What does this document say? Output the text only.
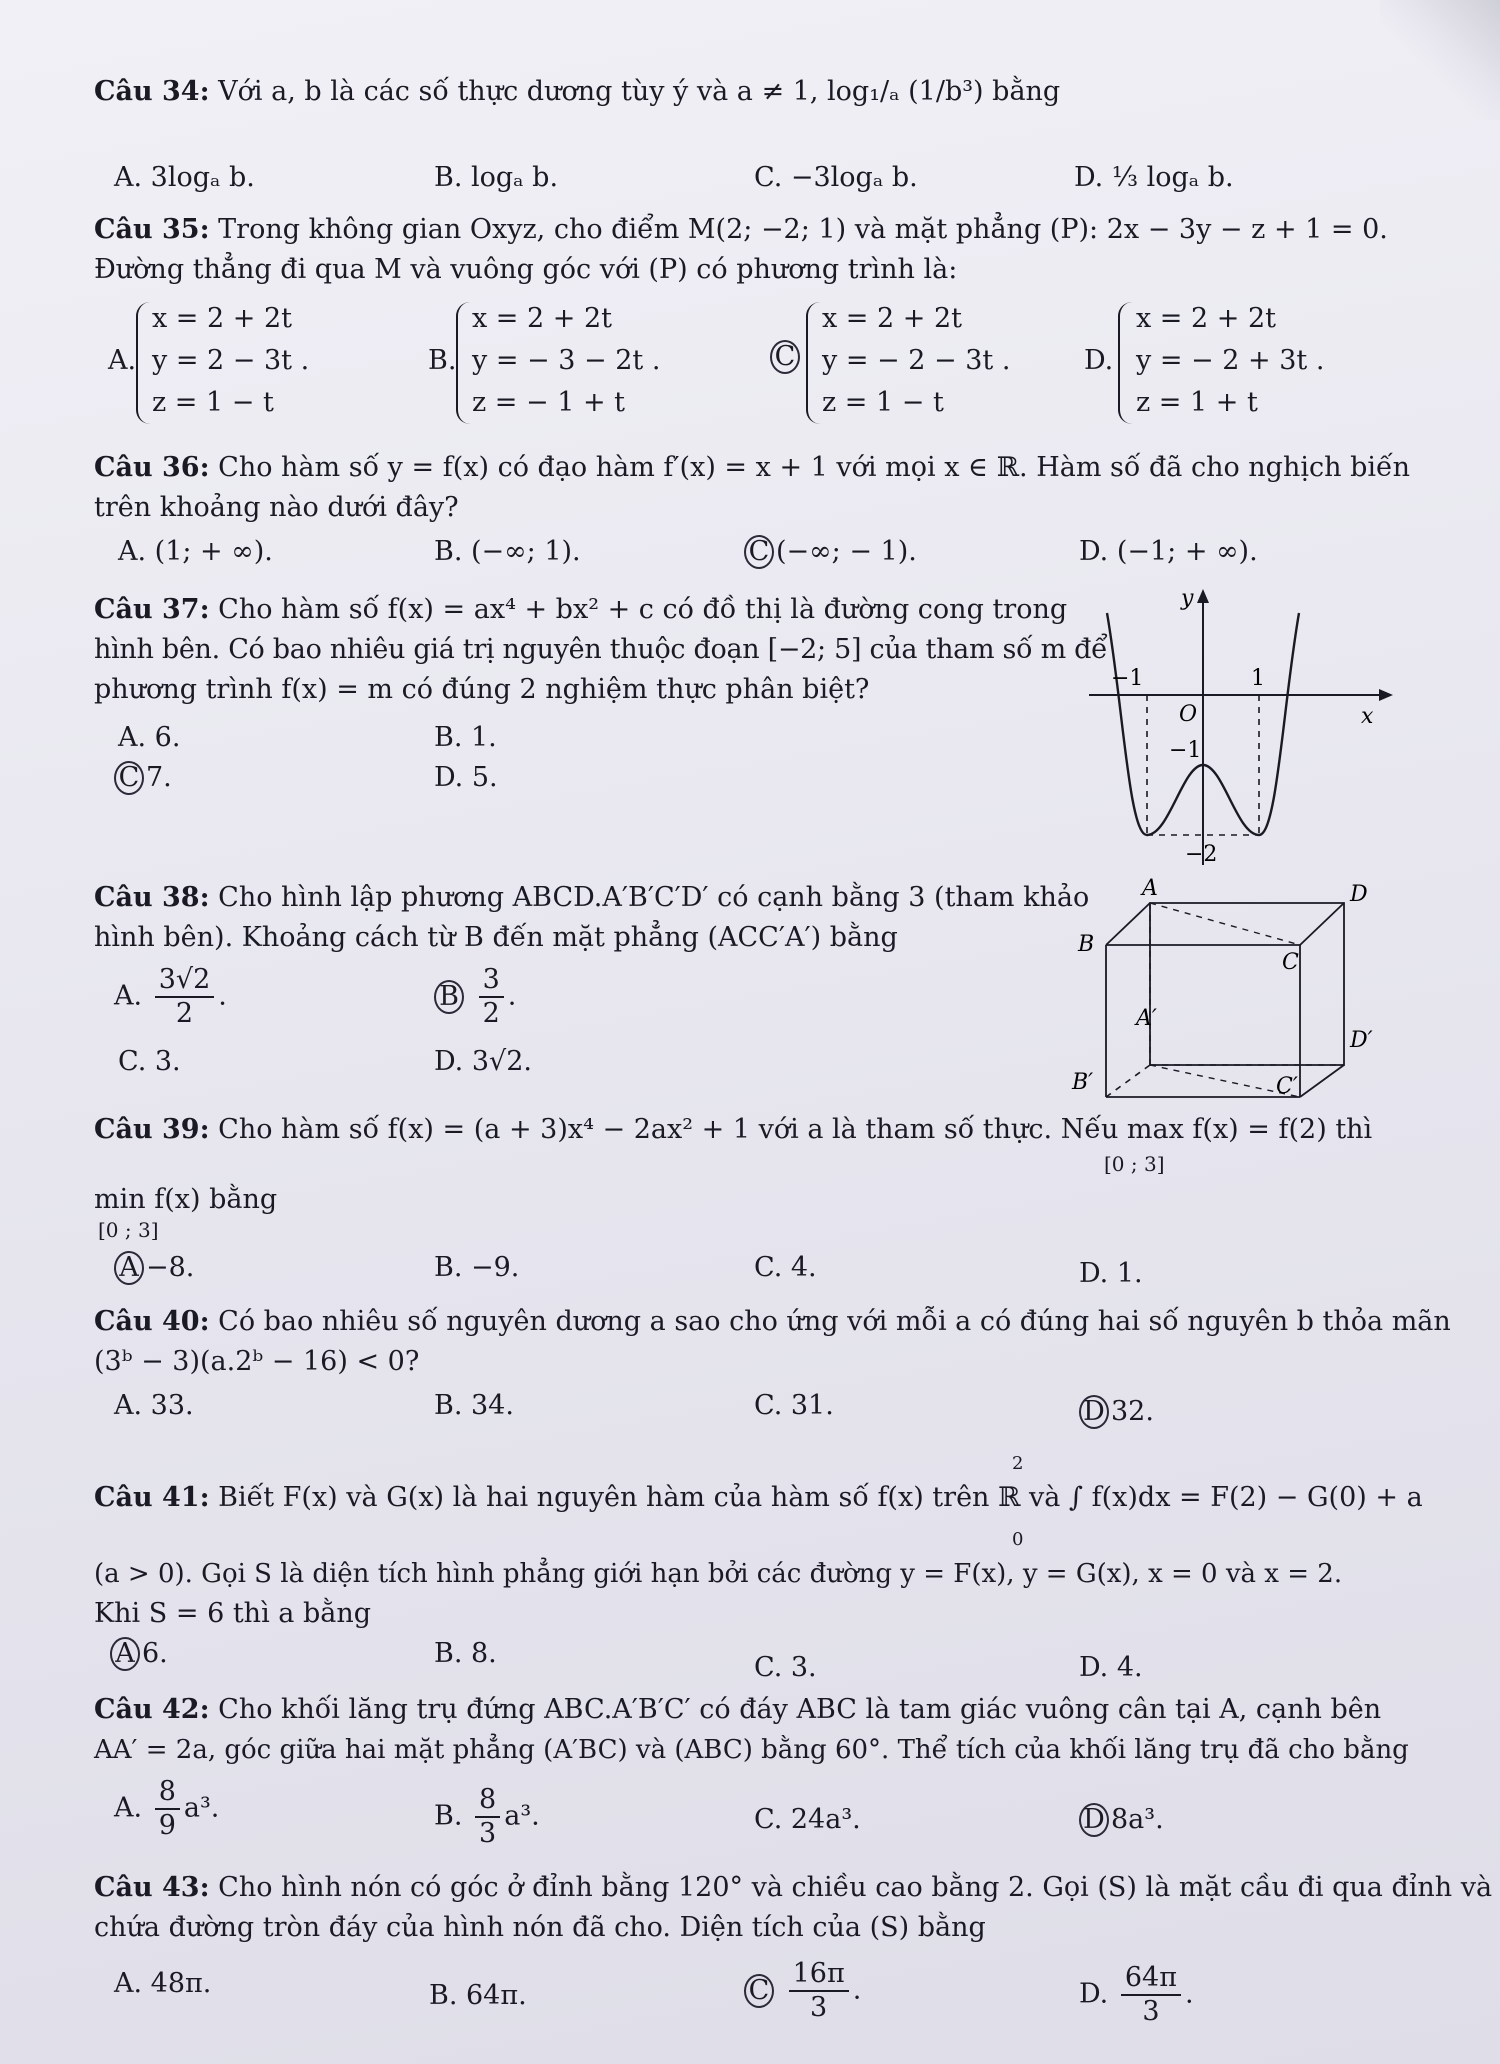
Câu 34: Với a, b là các số thực dương tùy ý và a ≠ 1, log₁/ₐ (1/b³) bằng
A. 3logₐ b.	B. logₐ b.	C. −3logₐ b.	D. ⅓ logₐ b.
Câu 35: Trong không gian Oxyz, cho điểm M(2; −2; 1) và mặt phẳng (P): 2x − 3y − z + 1 = 0.
Đường thẳng đi qua M và vuông góc với (P) có phương trình là:
A.
x = 2 + 2t
y = 2 − 3t .
z = 1 − t
B.
x = 2 + 2t
y = − 3 − 2t .
z = − 1 + t
C
x = 2 + 2t
y = − 2 − 3t .
z = 1 − t
D.
x = 2 + 2t
y = − 2 + 3t .
z = 1 + t
Câu 36: Cho hàm số y = f(x) có đạo hàm f′(x) = x + 1 với mọi x ∈ ℝ. Hàm số đã cho nghịch biến
trên khoảng nào dưới đây?
A. (1; + ∞).	B. (−∞; 1).	C (−∞; − 1).	D. (−1; + ∞).
Câu 37: Cho hàm số f(x) = ax⁴ + bx² + c có đồ thị là đường cong trong
hình bên. Có bao nhiêu giá trị nguyên thuộc đoạn [−2; 5] của tham số m để
phương trình f(x) = m có đúng 2 nghiệm thực phân biệt?
A. 6.	B. 1.
C 7.	D. 5.
y
x
O
−1	1
−1
−2
Câu 38: Cho hình lập phương ABCD.A′B′C′D′ có cạnh bằng 3 (tham khảo
hình bên). Khoảng cách từ B đến mặt phẳng (ACC′A′) bằng
A. $\frac{3√2}{2}$ .	B $\frac{3}{2}$ .
C. 3.	D. 3√2.
A	D
B
C
A′
D′
B′	C′
Câu 39: Cho hàm số f(x) = (a + 3)x⁴ − 2ax² + 1 với a là tham số thực. Nếu max f(x) = f(2) thì
[0 ; 3]
min f(x) bằng
[0 ; 3]
A −8.	B. −9.	C. 4.	D. 1.
Câu 40: Có bao nhiêu số nguyên dương a sao cho ứng với mỗi a có đúng hai số nguyên b thỏa mãn
(3ᵇ − 3)(a.2ᵇ − 16) < 0?
A. 33.	B. 34.	C. 31.	D 32.
2
Câu 41: Biết F(x) và G(x) là hai nguyên hàm của hàm số f(x) trên ℝ và ∫ f(x)dx = F(2) − G(0) + a
0
(a > 0). Gọi S là diện tích hình phẳng giới hạn bởi các đường y = F(x), y = G(x), x = 0 và x = 2.
Khi S = 6 thì a bằng
A 6.	B. 8.	C. 3.	D. 4.
Câu 42: Cho khối lăng trụ đứng ABC.A′B′C′ có đáy ABC là tam giác vuông cân tại A, cạnh bên
AA′ = 2a, góc giữa hai mặt phẳng (A′BC) và (ABC) bằng 60°. Thể tích của khối lăng trụ đã cho bằng
A. $\frac{8}{9} a^3$.	B. $\frac{8}{3} a^3$.	C. 24a³.	D 8a³.
Câu 43: Cho hình nón có góc ở đỉnh bằng 120° và chiều cao bằng 2. Gọi (S) là mặt cầu đi qua đỉnh và
chứa đường tròn đáy của hình nón đã cho. Diện tích của (S) bằng
A. 48π.	B. 64π.	C $\frac{16\pi}{3}$ .	D. $\frac{64\pi}{3}$ .
